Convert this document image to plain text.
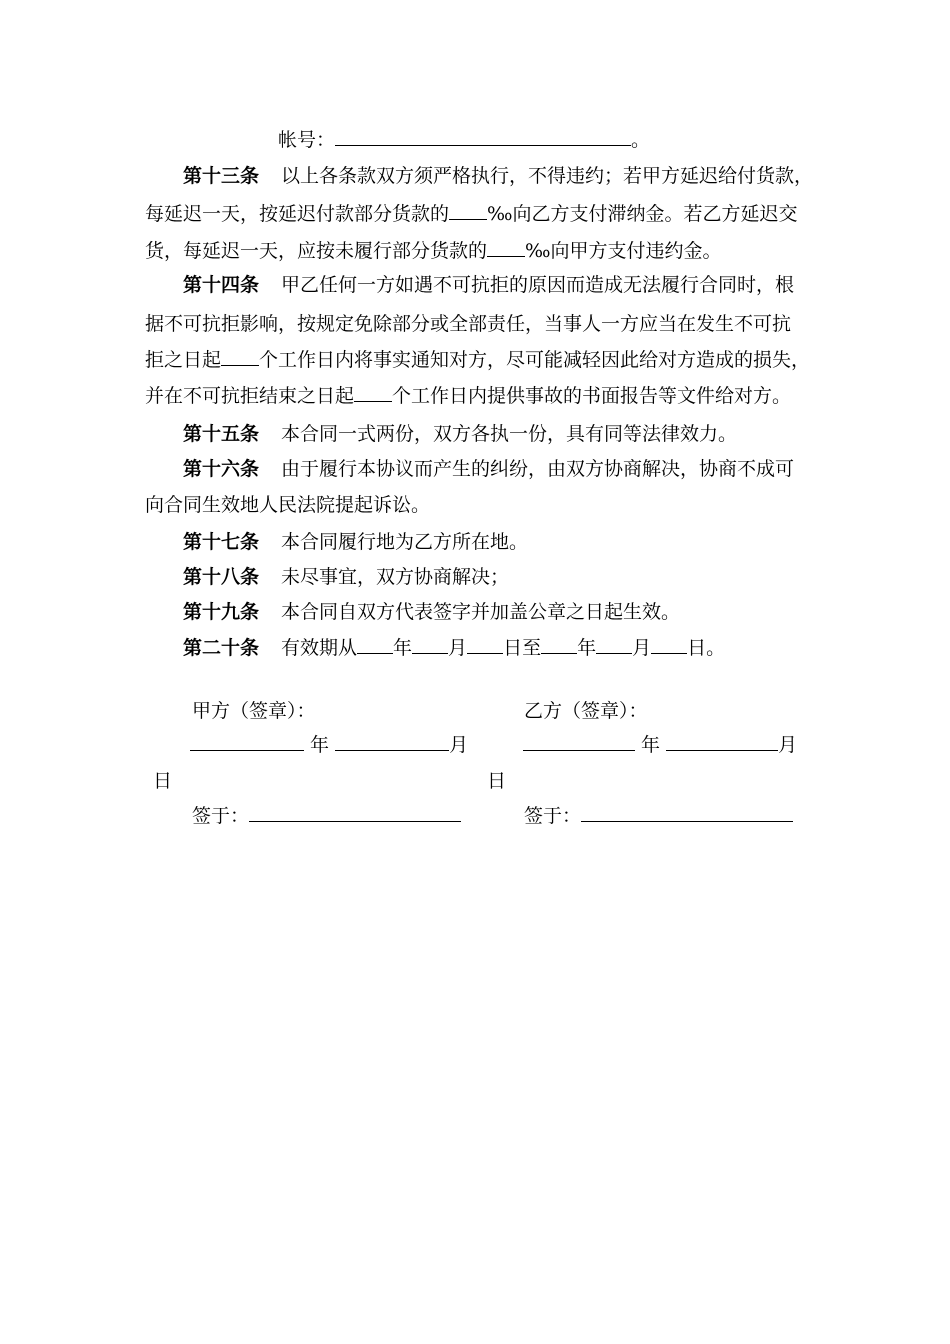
帐号：	。
第十三条 以上各条款双方须严格执行，不得违约；若甲方延迟给付货款，
每延迟一天，按延迟付款部分货款的 ‰向乙方支付滞纳金。若乙方延迟交
货，每延迟一天，应按未履行部分货款的 ‰向甲方支付违约金。
第十四条 甲乙任何一方如遇不可抗拒的原因而造成无法履行合同时，根
据不可抗拒影响，按规定免除部分或全部责任，当事人一方应当在发生不可抗
拒之日起 个工作日内将事实通知对方，尽可能减轻因此给对方造成的损失，
并在不可抗拒结束之日起 个工作日内提供事故的书面报告等文件给对方。
第十五条 本合同一式两份，双方各执一份，具有同等法律效力。
第十六条 由于履行本协议而产生的纠纷，由双方协商解决，协商不成可
向合同生效地人民法院提起诉讼。
第十七条 本合同履行地为乙方所在地。
第十八条 未尽事宜，双方协商解决；
第十九条 本合同自双方代表签字并加盖公章之日起生效。
第二十条 有效期从 年 月 日至 年 月 日。
甲方（签章）：
年	月
日
签于：
乙方（签章）：
年	月
日
签于：
